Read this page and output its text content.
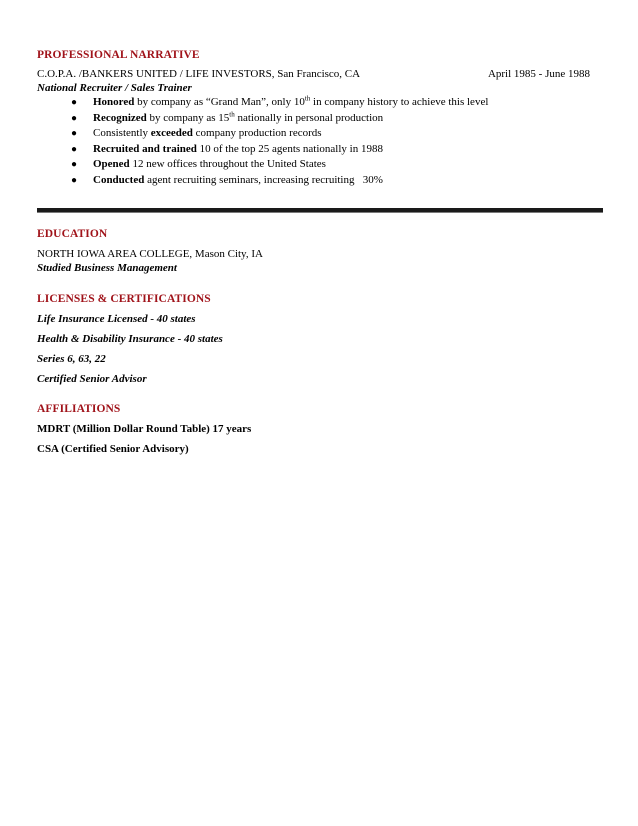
PROFESSIONAL NARRATIVE
C.O.P.A. /BANKERS UNITED / LIFE INVESTORS, San Francisco, CA	April 1985 - June 1988
National Recruiter / Sales Trainer
● Honored by company as “Grand Man”, only 10th in company history to achieve this level
● Recognized by company as 15th nationally in personal production
● Consistently exceeded company production records
● Recruited and trained 10 of the top 25 agents nationally in 1988
● Opened 12 new offices throughout the United States
● Conducted agent recruiting seminars, increasing recruiting   30%
EDUCATION
NORTH IOWA AREA COLLEGE, Mason City, IA
Studied Business Management
LICENSES & CERTIFICATIONS
Life Insurance Licensed - 40 states
Health & Disability Insurance - 40 states
Series 6, 63, 22
Certified Senior Advisor
AFFILIATIONS
MDRT (Million Dollar Round Table) 17 years
CSA (Certified Senior Advisory)
